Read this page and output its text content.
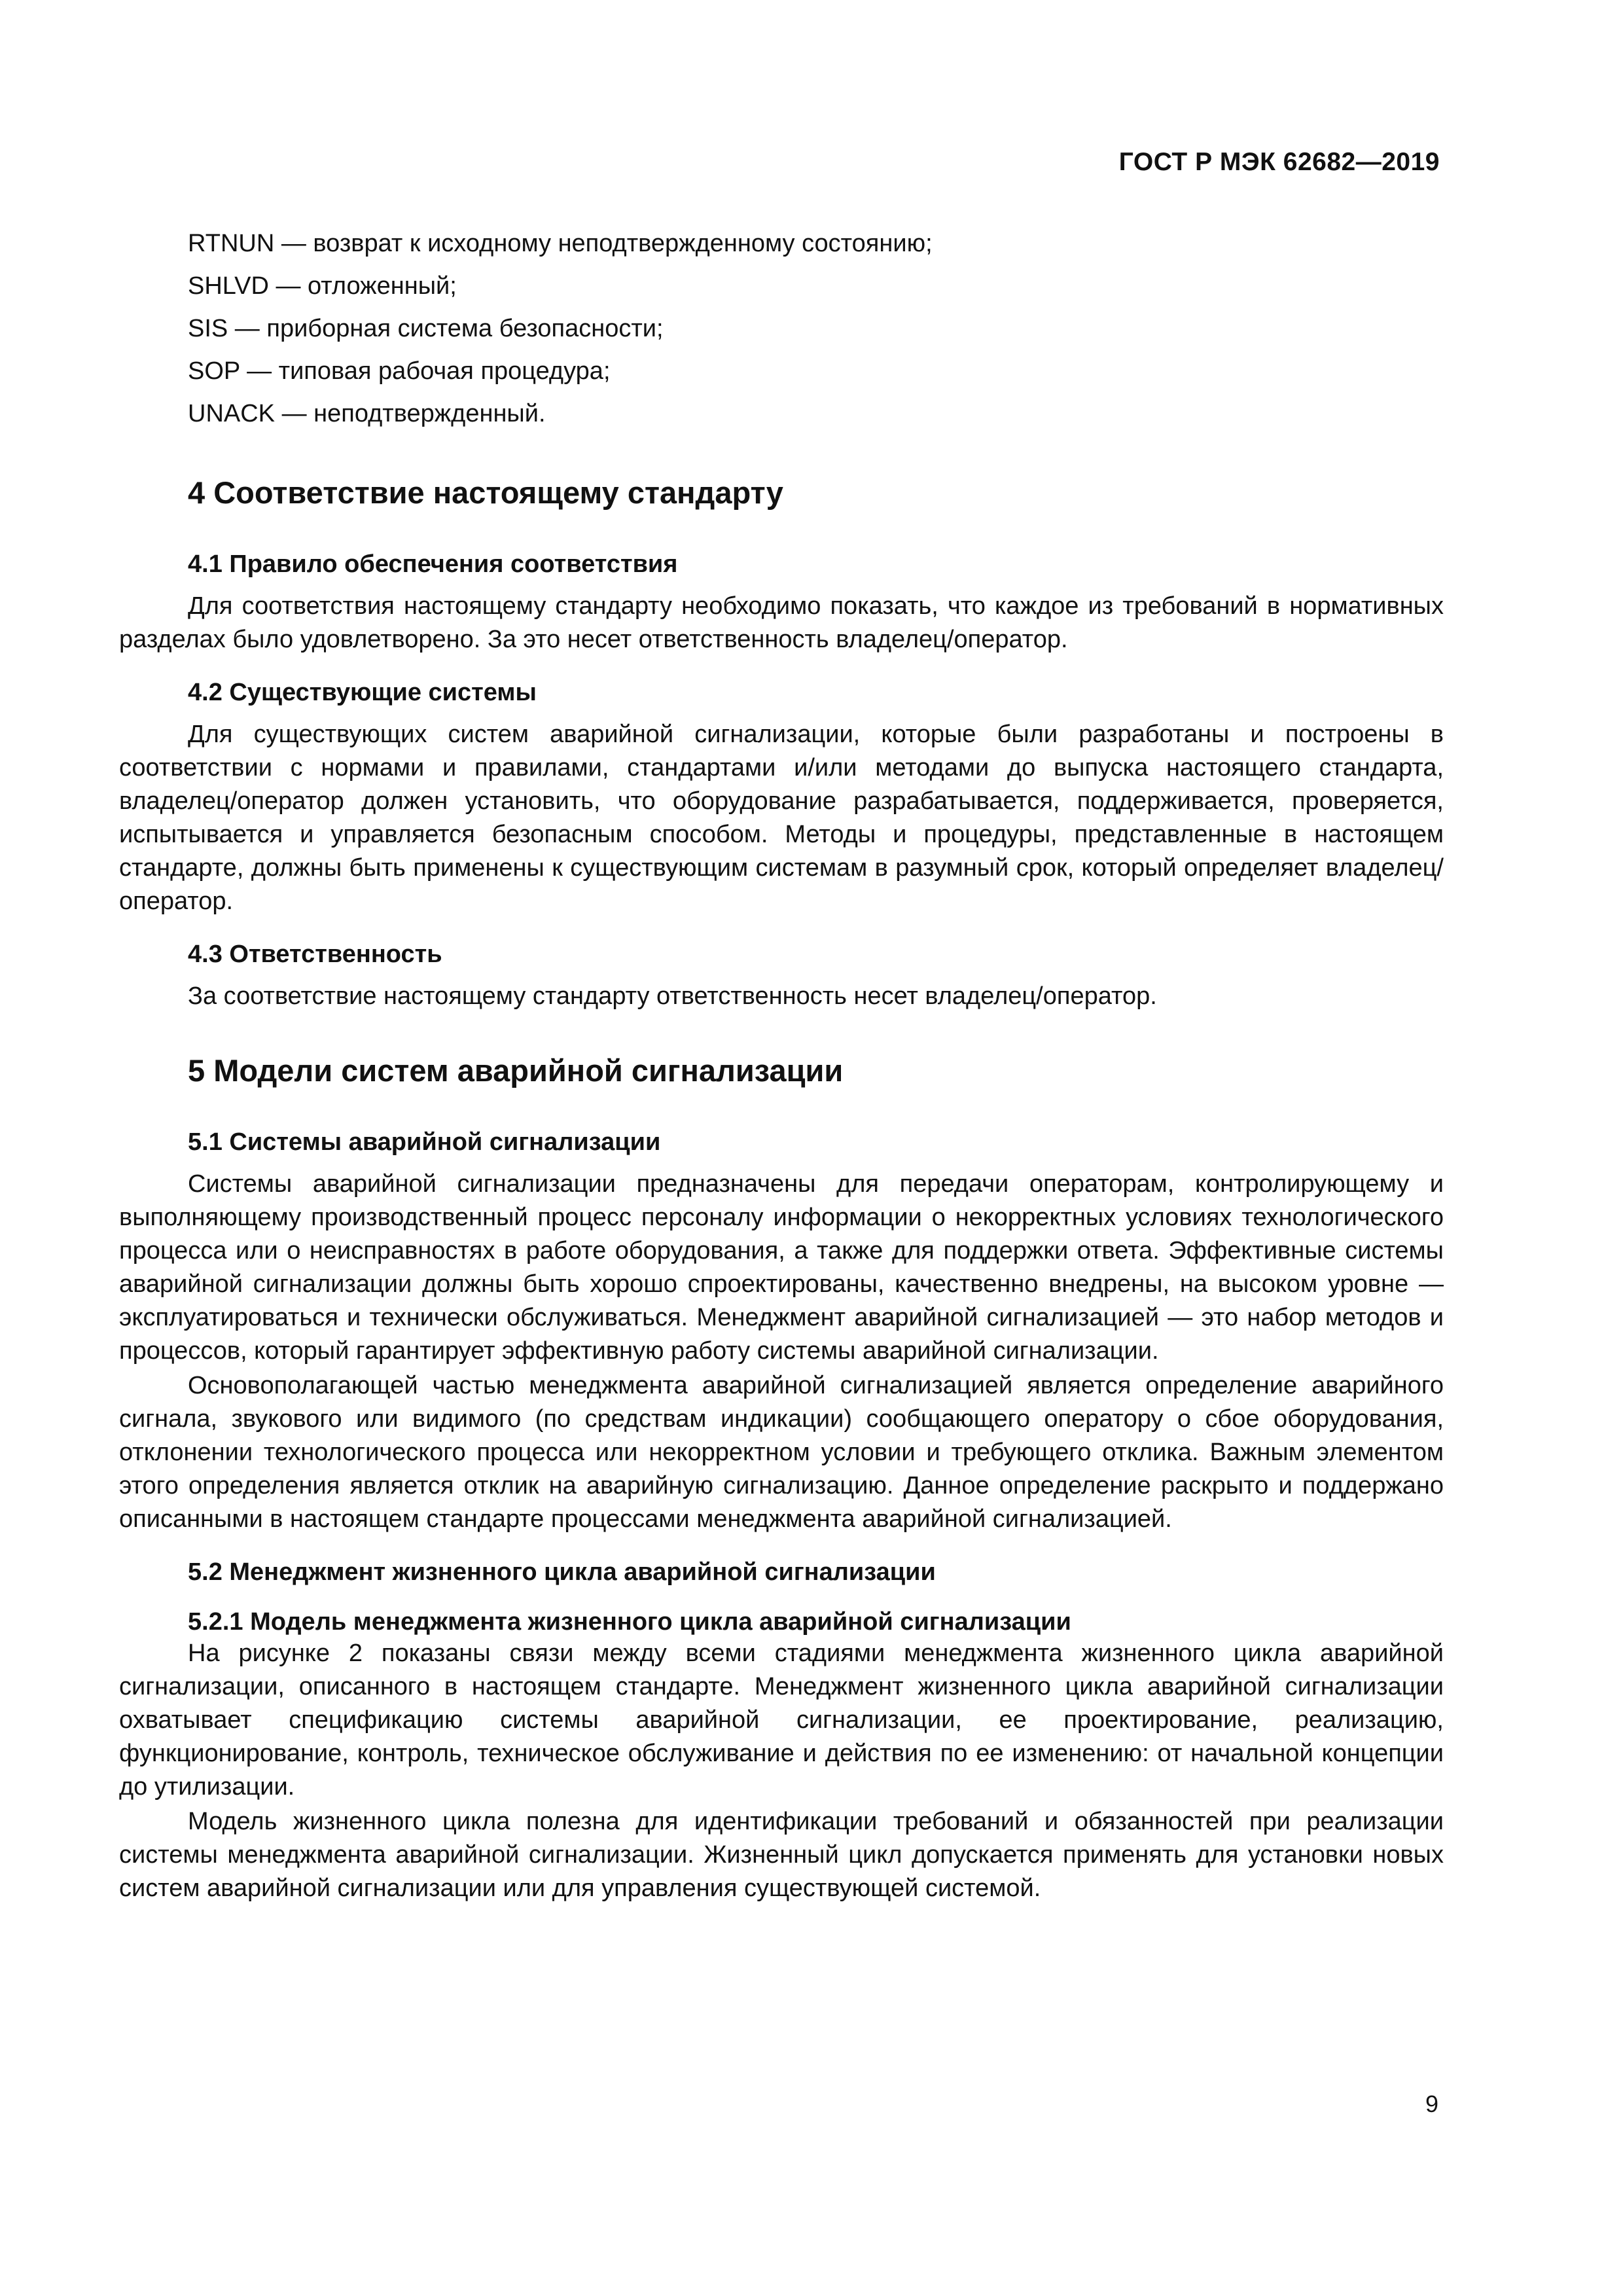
ГОСТ Р МЭК 62682—2019
RTNUN — возврат к исходному неподтвержденному состоянию;
SHLVD — отложенный;
SIS — приборная система безопасности;
SOP — типовая рабочая процедура;
UNACK — неподтвержденный.
4 Соответствие настоящему стандарту
4.1 Правило обеспечения соответствия

Для соответствия настоящему стандарту необходимо показать, что каждое из требований в нормативных разделах было удовлетворено. За это несет ответственность владелец/оператор.

4.2 Существующие системы

Для существующих систем аварийной сигнализации, которые были разработаны и построены в соответствии с нормами и правилами, стандартами и/или методами до выпуска настоящего стандарта, владелец/оператор должен установить, что оборудование разрабатывается, поддерживается, проверяется, испытывается и управляется безопасным способом. Методы и процедуры, представленные в настоящем стандарте, должны быть применены к существующим системам в разумный срок, который определяет владелец/оператор.

4.3 Ответственность

За соответствие настоящему стандарту ответственность несет владелец/оператор.

5 Модели систем аварийной сигнализации
5.1 Системы аварийной сигнализации

Системы аварийной сигнализации предназначены для передачи операторам, контролирующему и выполняющему производственный процесс персоналу информации о некорректных условиях технологического процесса или о неисправностях в работе оборудования, а также для поддержки ответа. Эффективные системы аварийной сигнализации должны быть хорошо спроектированы, качественно внедрены, на высоком уровне — эксплуатироваться и технически обслуживаться. Менеджмент аварийной сигнализацией — это набор методов и процессов, который гарантирует эффективную работу системы аварийной сигнализации.

Основополагающей частью менеджмента аварийной сигнализацией является определение аварийного сигнала, звукового или видимого (по средствам индикации) сообщающего оператору о сбое оборудования, отклонении технологического процесса или некорректном условии и требующего отклика. Важным элементом этого определения является отклик на аварийную сигнализацию. Данное определение раскрыто и поддержано описанными в настоящем стандарте процессами менеджмента аварийной сигнализацией.

5.2 Менеджмент жизненного цикла аварийной сигнализации
5.2.1 Модель менеджмента жизненного цикла аварийной сигнализации

На рисунке 2 показаны связи между всеми стадиями менеджмента жизненного цикла аварийной сигнализации, описанного в настоящем стандарте. Менеджмент жизненного цикла аварийной сигнализации охватывает спецификацию системы аварийной сигнализации, ее проектирование, реализацию, функционирование, контроль, техническое обслуживание и действия по ее изменению: от начальной концепции до утилизации.

Модель жизненного цикла полезна для идентификации требований и обязанностей при реализации системы менеджмента аварийной сигнализации. Жизненный цикл допускается применять для установки новых систем аварийной сигнализации или для управления существующей системой.

9
